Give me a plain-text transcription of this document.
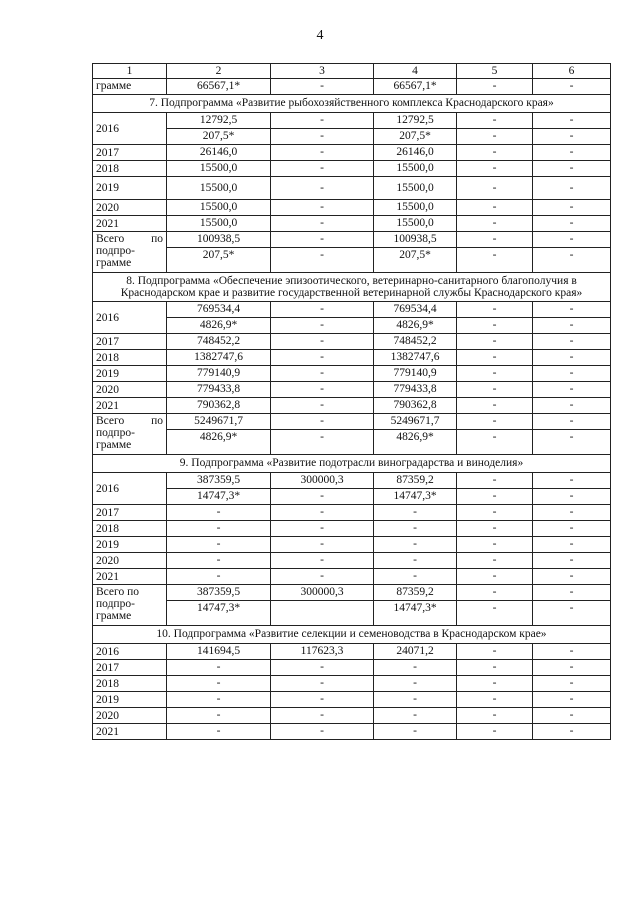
4
1	2	3	4	5	6
грамме	66567,1*	-	66567,1*	-	-
7. Подпрограмма «Развитие рыбохозяйственного комплекса Краснодарского края»					
2016	12792,5	-	12792,5	-	-
	207,5*	-	207,5*	-	-
2017	26146,0	-	26146,0	-	-
2018	15500,0	-	15500,0	-	-
2019	15500,0	-	15500,0	-	-
2020	15500,0	-	15500,0	-	-
2021	15500,0	-	15500,0	-	-

Всего по
подпро-
грамме	100938,5	-	100938,5	-	-
	207,5*	-	207,5*	-	-
8. Подпрограмма «Обеспечение эпизоотического, ветеринарно-санитарного благополучия в Краснодарском крае и развитие государственной ветеринарной службы Краснодарского края»					
2016	769534,4	-	769534,4	-	-
	4826,9*	-	4826,9*	-	-
2017	748452,2	-	748452,2	-	-
2018	1382747,6	-	1382747,6	-	-
2019	779140,9	-	779140,9	-	-
2020	779433,8	-	779433,8	-	-
2021	790362,8	-	790362,8	-	-

Всего по
подпро-
грамме	5249671,7	-	5249671,7	-	-
	4826,9*	-	4826,9*	-	-
9. Подпрограмма «Развитие подотрасли виноградарства и виноделия»					
2016	387359,5	300000,3	87359,2	-	-
	14747,3*	-	14747,3*	-	-
2017	-	-	-	-	-
2018	-	-	-	-	-
2019	-	-	-	-	-
2020	-	-	-	-	-
2021	-	-	-	-	-

Всего по
подпро-
грамме	387359,5	300000,3	87359,2	-	-
	14747,3*		14747,3*	-	-
10. Подпрограмма «Развитие селекции и семеноводства в Краснодарском крае»					
2016	141694,5	117623,3	24071,2	-	-
2017	-	-	-	-	-
2018	-	-	-	-	-
2019	-	-	-	-	-
2020	-	-	-	-	-
2021	-	-	-	-	-
